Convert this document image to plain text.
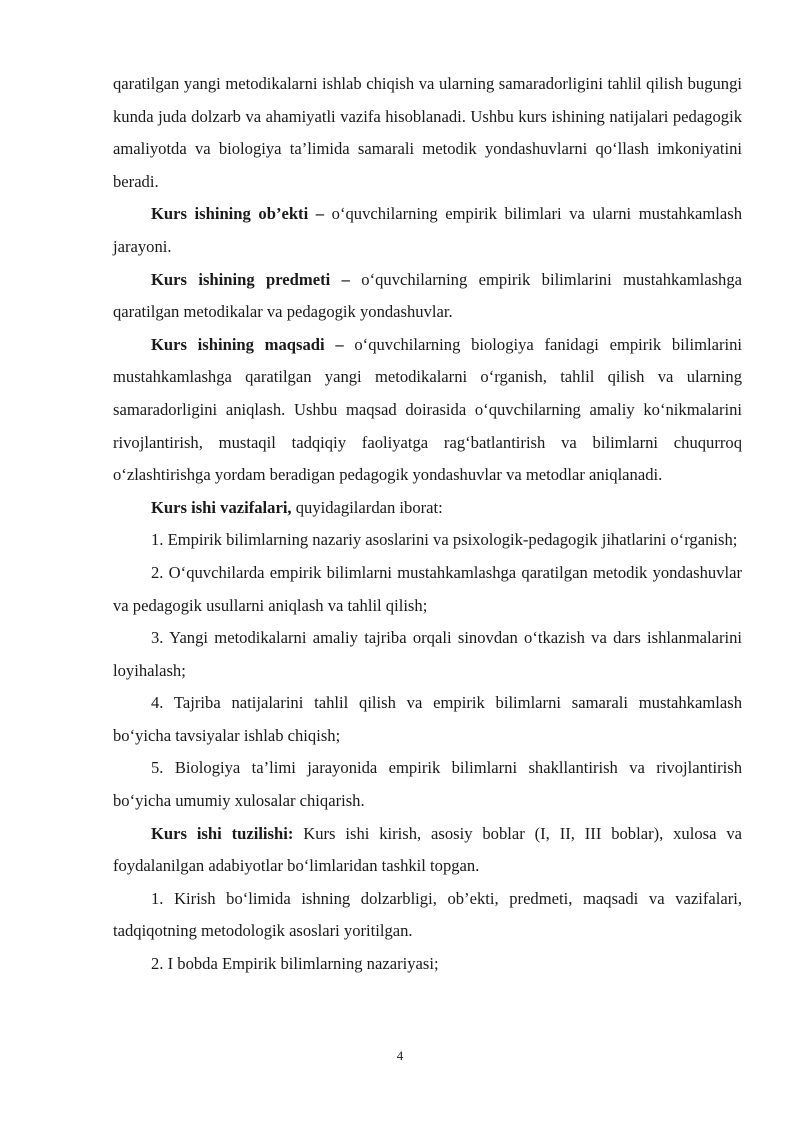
qaratilgan yangi metodikalarni ishlab chiqish va ularning samaradorligini tahlil qilish bugungi kunda juda dolzarb va ahamiyatli vazifa hisoblanadi. Ushbu kurs ishining natijalari pedagogik amaliyotda va biologiya ta’limida samarali metodik yondashuvlarni qo‘llash imkoniyatini beradi.

Kurs ishining ob’ekti – o‘quvchilarning empirik bilimlari va ularni mustahkamlash jarayoni.

Kurs ishining predmeti – o‘quvchilarning empirik bilimlarini mustahkamlashga qaratilgan metodikalar va pedagogik yondashuvlar.

Kurs ishining maqsadi – o‘quvchilarning biologiya fanidagi empirik bilimlarini mustahkamlashga qaratilgan yangi metodikalarni o‘rganish, tahlil qilish va ularning samaradorligini aniqlash. Ushbu maqsad doirasida o‘quvchilarning amaliy ko‘nikmalarini rivojlantirish, mustaqil tadqiqiy faoliyatga rag‘batlantirish va bilimlarni chuqurroq o‘zlashtirishga yordam beradigan pedagogik yondashuvlar va metodlar aniqlanadi.

Kurs ishi vazifalari, quyidagilardan iborat:

1. Empirik bilimlarning nazariy asoslarini va psixologik-pedagogik jihatlarini o‘rganish;

2. O‘quvchilarda empirik bilimlarni mustahkamlashga qaratilgan metodik yondashuvlar va pedagogik usullarni aniqlash va tahlil qilish;

3. Yangi metodikalarni amaliy tajriba orqali sinovdan o‘tkazish va dars ishlanmalarini loyihalash;

4. Tajriba natijalarini tahlil qilish va empirik bilimlarni samarali mustahkamlash bo‘yicha tavsiyalar ishlab chiqish;

5. Biologiya ta’limi jarayonida empirik bilimlarni shakllantirish va rivojlantirish bo‘yicha umumiy xulosalar chiqarish.

Kurs ishi tuzilishi: Kurs ishi kirish, asosiy boblar (I, II, III boblar), xulosa va foydalanilgan adabiyotlar bo‘limlaridan tashkil topgan.

1. Kirish bo‘limida ishning dolzarbligi, ob’ekti, predmeti, maqsadi va vazifalari, tadqiqotning metodologik asoslari yoritilgan.

2. I bobda Empirik bilimlarning nazariyasi;

4
